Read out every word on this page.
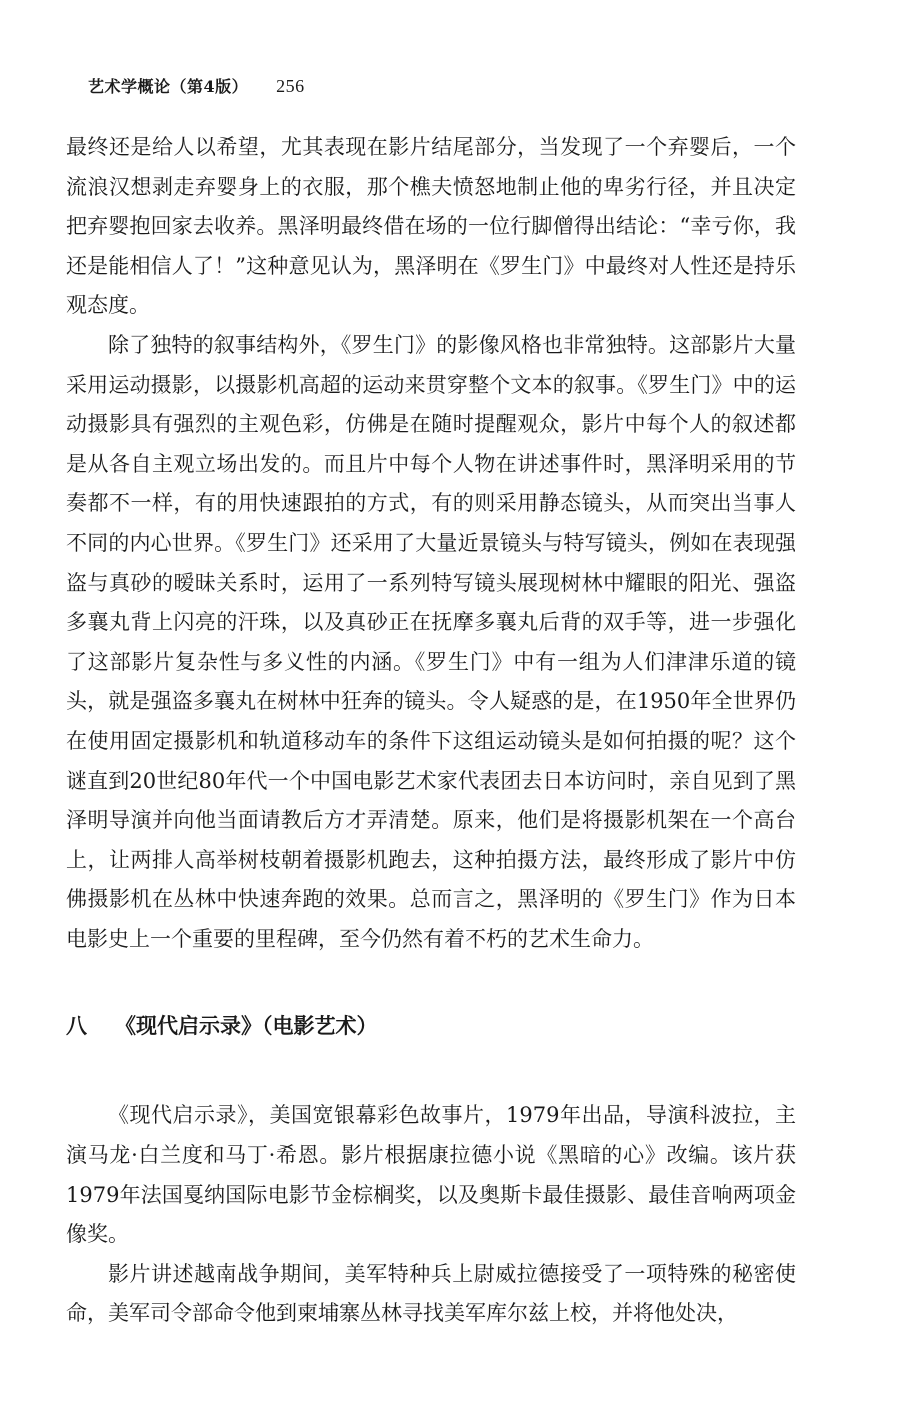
艺术学概论（第4版） 256

最终还是给人以希望，尤其表现在影片结尾部分，当发现了一个弃婴后，一个流浪汉想剥走弃婴身上的衣服，那个樵夫愤怒地制止他的卑劣行径，并且决定把弃婴抱回家去收养。黑泽明最终借在场的一位行脚僧得出结论：“幸亏你，我还是能相信人了！”这种意见认为，黑泽明在《罗生门》中最终对人性还是持乐观态度。

除了独特的叙事结构外，《罗生门》的影像风格也非常独特。这部影片大量采用运动摄影，以摄影机高超的运动来贯穿整个文本的叙事。《罗生门》中的运动摄影具有强烈的主观色彩，仿佛是在随时提醒观众，影片中每个人的叙述都是从各自主观立场出发的。而且片中每个人物在讲述事件时，黑泽明采用的节奏都不一样，有的用快速跟拍的方式，有的则采用静态镜头，从而突出当事人不同的内心世界。《罗生门》还采用了大量近景镜头与特写镜头，例如在表现强盗与真砂的暧昧关系时，运用了一系列特写镜头展现树林中耀眼的阳光、强盗多襄丸背上闪亮的汗珠，以及真砂正在抚摩多襄丸后背的双手等，进一步强化了这部影片复杂性与多义性的内涵。《罗生门》中有一组为人们津津乐道的镜头，就是强盗多襄丸在树林中狂奔的镜头。令人疑惑的是，在1950年全世界仍在使用固定摄影机和轨道移动车的条件下这组运动镜头是如何拍摄的呢？这个谜直到20世纪80年代一个中国电影艺术家代表团去日本访问时，亲自见到了黑泽明导演并向他当面请教后方才弄清楚。原来，他们是将摄影机架在一个高台上，让两排人高举树枝朝着摄影机跑去，这种拍摄方法，最终形成了影片中仿佛摄影机在丛林中快速奔跑的效果。总而言之，黑泽明的《罗生门》作为日本电影史上一个重要的里程碑，至今仍然有着不朽的艺术生命力。

八 《现代启示录》（电影艺术）

《现代启示录》，美国宽银幕彩色故事片，1979年出品，导演科波拉，主演马龙·白兰度和马丁·希恩。影片根据康拉德小说《黑暗的心》改编。该片获1979年法国戛纳国际电影节金棕榈奖，以及奥斯卡最佳摄影、最佳音响两项金像奖。

影片讲述越南战争期间，美军特种兵上尉威拉德接受了一项特殊的秘密使命，美军司令部命令他到柬埔寨丛林寻找美军库尔兹上校，并将他处决，
